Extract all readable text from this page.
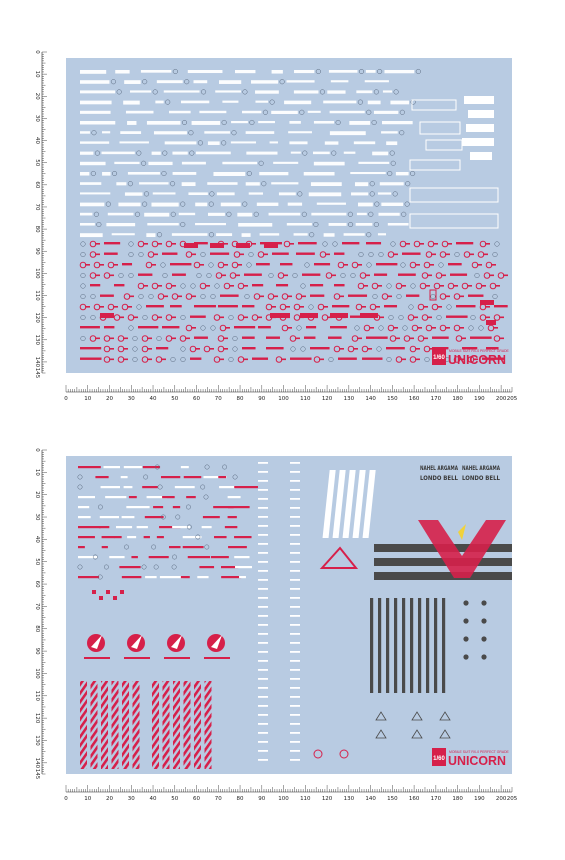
0
10
20
30
40
50
60
70
80
90
100
110
120
130
140
145
0	10	20	30	40	50	60	70	80	90 100 110 120 130 140 150 160 170 180 190 200 205
1/60
MOBILE SUIT RX-0 PERFECT GRADE
UNICORN
0
10
20
30
40
50
60
70
80
90
100
110
120
130
140
145
0	10	20	30	40	50	60	70	80	90 100 110 120 130 140 150 160 170 180 190 200 205
NAHEL ARGAMA
LONDO BELL
NAHEL ARGAMA
LONDO BELL
1/60
MOBILE SUIT RX-0 PERFECT GRADE
UNICORN
